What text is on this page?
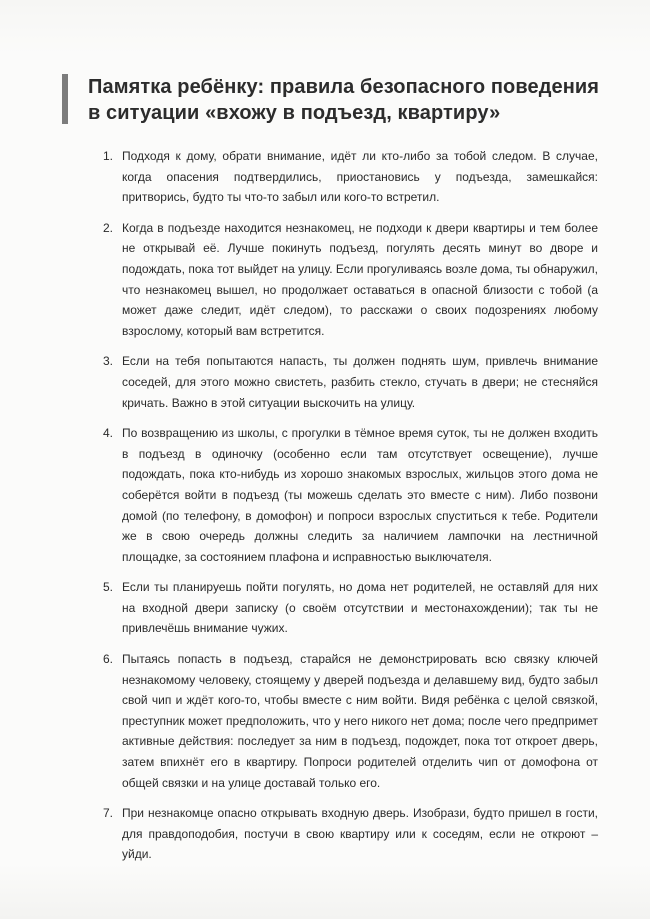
Памятка ребёнку: правила безопасного поведения
в ситуации «вхожу в подъезд, квартиру»
1. Подходя к дому, обрати внимание, идёт ли кто-либо за тобой следом. В случае, когда опасения подтвердились, приостановись у подъезда, замешкайся: притворись, будто ты что-то забыл или кого-то встретил.

2. Когда в подъезде находится незнакомец, не подходи к двери квартиры и тем более не открывай её. Лучше покинуть подъезд, погулять десять минут во дворе и подождать, пока тот выйдет на улицу. Если прогуливаясь возле дома, ты обнаружил, что незнакомец вышел, но продолжает оставаться в опасной близости с тобой (а может даже следит, идёт следом), то расскажи о своих подозрениях любому взрослому, который вам встретится.

3. Если на тебя попытаются напасть, ты должен поднять шум, привлечь внимание соседей, для этого можно свистеть, разбить стекло, стучать в двери; не стесняйся кричать. Важно в этой ситуации выскочить на улицу.

4. По возвращению из школы, с прогулки в тёмное время суток, ты не должен входить в подъезд в одиночку (особенно если там отсутствует освещение), лучше подождать, пока кто-нибудь из хорошо знакомых взрослых, жильцов этого дома не соберётся войти в подъезд (ты можешь сделать это вместе с ним). Либо позвони домой (по телефону, в домофон) и попроси взрослых спуститься к тебе. Родители же в свою очередь должны следить за наличием лампочки на лестничной площадке, за состоянием плафона и исправностью выключателя.

5. Если ты планируешь пойти погулять, но дома нет родителей, не оставляй для них на входной двери записку (о своём отсутствии и местонахождении); так ты не привлечёшь внимание чужих.

6. Пытаясь попасть в подъезд, старайся не демонстрировать всю связку ключей незнакомому человеку, стоящему у дверей подъезда и делавшему вид, будто забыл свой чип и ждёт кого-то, чтобы вместе с ним войти. Видя ребёнка с целой связкой, преступник может предположить, что у него никого нет дома; после чего предпримет активные действия: последует за ним в подъезд, подождет, пока тот откроет дверь, затем впихнёт его в квартиру. Попроси родителей отделить чип от домофона от общей связки и на улице доставай только его.

7. При незнакомце опасно открывать входную дверь. Изобрази, будто пришел в гости, для правдоподобия, постучи в свою квартиру или к соседям, если не откроют – уйди.
